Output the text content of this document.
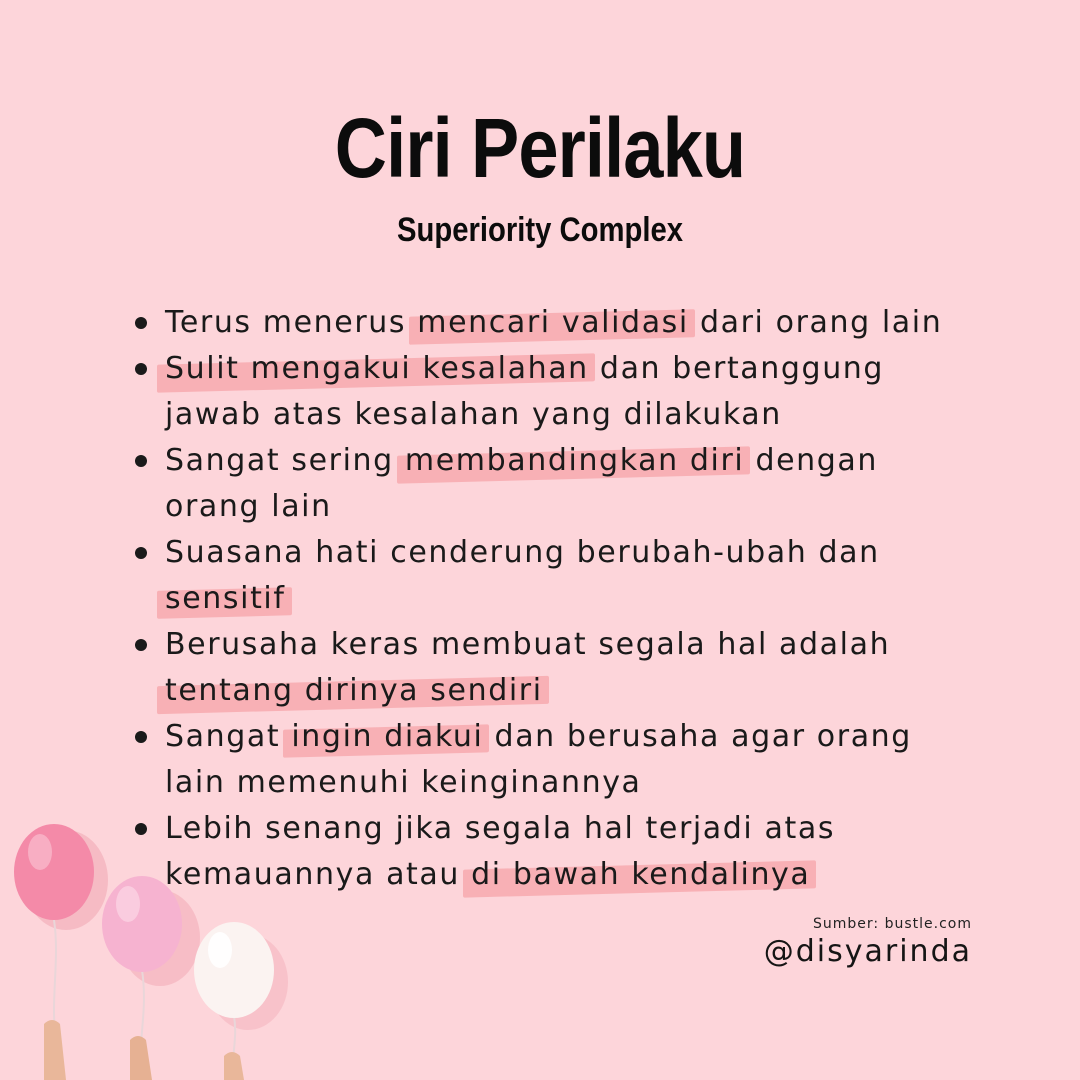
Ciri Perilaku
Superiority Complex
Terus menerus mencari validasi dari orang lain
Sulit mengakui kesalahan dan bertanggung
jawab atas kesalahan yang dilakukan
Sangat sering membandingkan diri dengan
orang lain
Suasana hati cenderung berubah-ubah dan
sensitif
Berusaha keras membuat segala hal adalah
tentang dirinya sendiri
Sangat ingin diakui dan berusaha agar orang
lain memenuhi keinginannya
Lebih senang jika segala hal terjadi atas
kemauannya atau di bawah kendalinya

Sumber: bustle.com

@disyarinda
